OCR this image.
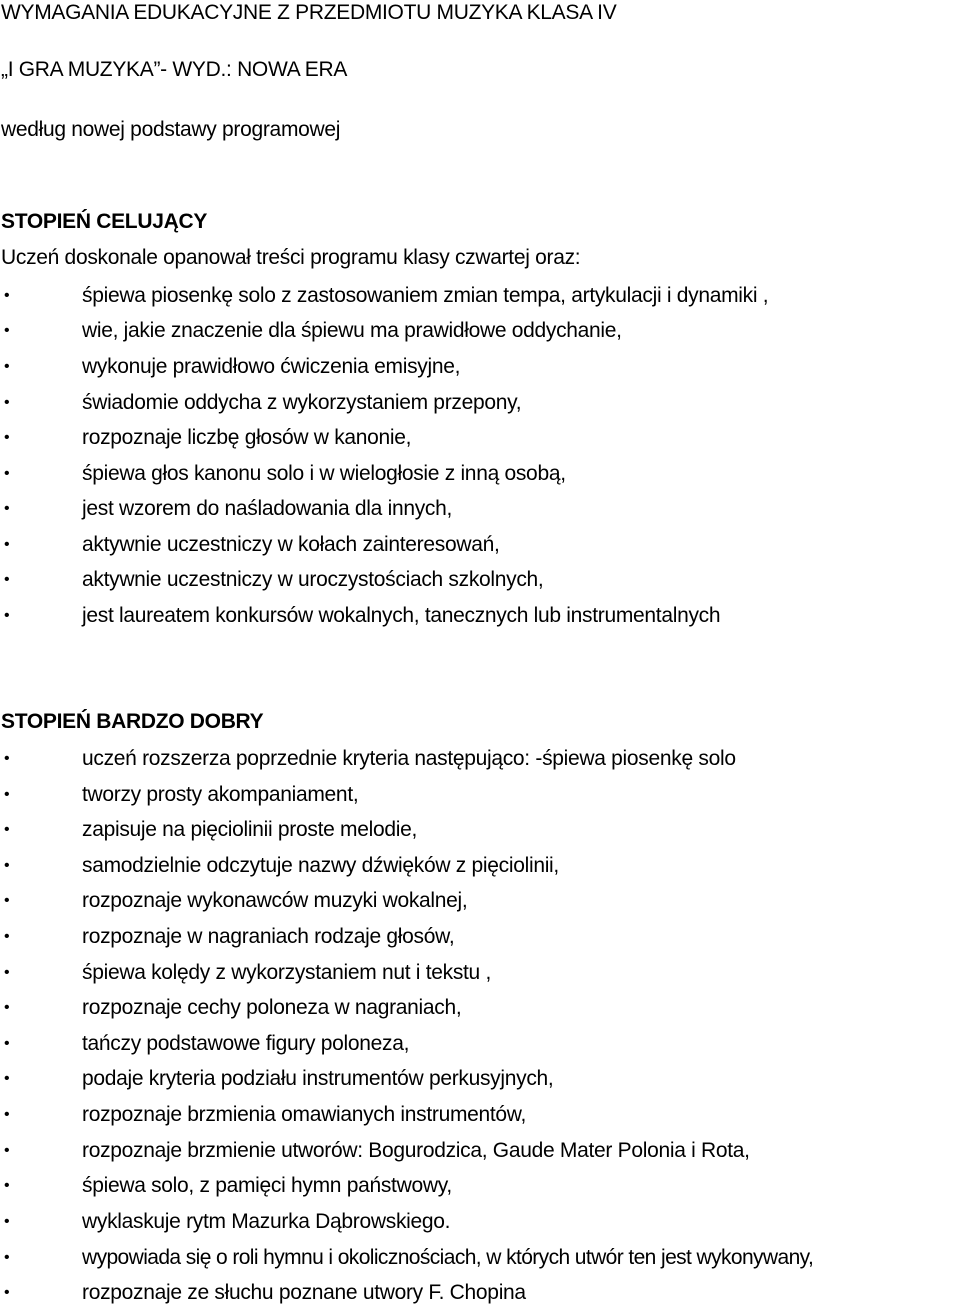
WYMAGANIA EDUKACYJNE Z PRZEDMIOTU MUZYKA KLASA IV
„I GRA MUZYKA”- WYD.: NOWA ERA
według nowej podstawy programowej
STOPIEŃ CELUJĄCY
Uczeń doskonale opanował treści programu klasy czwartej oraz:
•	śpiewa piosenkę solo z zastosowaniem zmian tempa, artykulacji i dynamiki ,
•	wie, jakie znaczenie dla śpiewu ma prawidłowe oddychanie,
•	wykonuje prawidłowo ćwiczenia emisyjne,
•	świadomie oddycha z wykorzystaniem przepony,
•	rozpoznaje liczbę głosów w kanonie,
•	śpiewa głos kanonu solo i w wielogłosie z inną osobą,
•	jest wzorem do naśladowania dla innych,
•	aktywnie uczestniczy w kołach zainteresowań,
•	aktywnie uczestniczy w uroczystościach szkolnych,
•	jest laureatem konkursów wokalnych, tanecznych lub instrumentalnych
STOPIEŃ BARDZO DOBRY
•	uczeń rozszerza poprzednie kryteria następująco: -śpiewa piosenkę solo
•	tworzy prosty akompaniament,
•	zapisuje na pięciolinii proste melodie,
•	samodzielnie odczytuje nazwy dźwięków z pięciolinii,
•	rozpoznaje wykonawców muzyki wokalnej,
•	rozpoznaje w nagraniach rodzaje głosów,
•	śpiewa kolędy z wykorzystaniem nut i tekstu ,
•	rozpoznaje cechy poloneza w nagraniach,
•	tańczy podstawowe figury poloneza,
•	podaje kryteria podziału instrumentów perkusyjnych,
•	rozpoznaje brzmienia omawianych instrumentów,
•	rozpoznaje brzmienie utworów: Bogurodzica, Gaude Mater Polonia i Rota,
•	śpiewa solo, z pamięci hymn państwowy,
•	wyklaskuje rytm Mazurka Dąbrowskiego.
•	wypowiada się o roli hymnu i okolicznościach, w których utwór ten jest wykonywany,
•	rozpoznaje ze słuchu poznane utwory F. Chopina
